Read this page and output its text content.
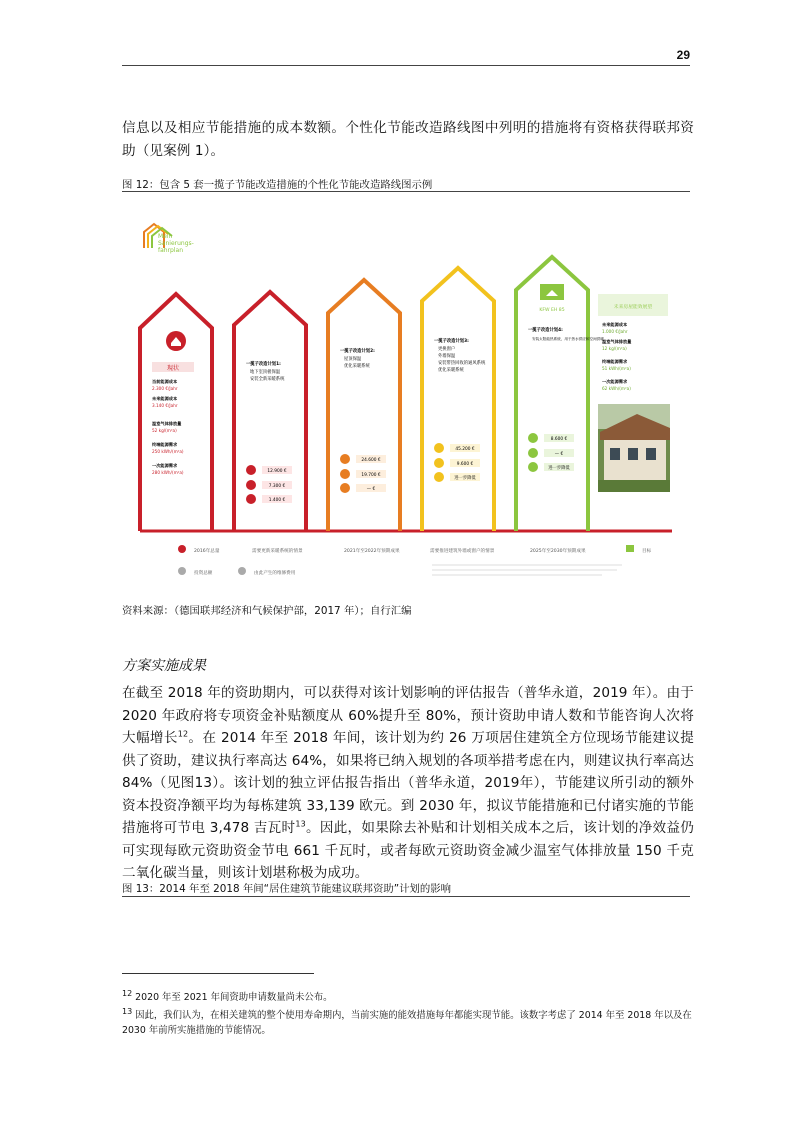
29
信息以及相应节能措施的成本数额。个性化节能改造路线图中列明的措施将有资格获得联邦资助（见案例 1）。
图 12：包含 5 套一揽子节能改造措施的个性化节能改造路线图示例
Mein
Sanierungs-
fahrplan
現状
当前能源成本
2.300 €/Jahr
未来能源成本
3.140 €/Jahr
温室气体排放量
52 kg/(m²a)
终端能源需求
250 kWh/(m²a)
一次能源需求
280 kWh/(m²a)
一揽子改造计划1:
地下室顶板保温
安装全新采暖系统
12.900 €
7.300 €
1.400 €
一揽子改造计划2:
屋顶保温
优化采暖系统
24.600 €
19.700 €
— €
一揽子改造计划3:
更换窗户
外墙保温
安装带热回收的通风系统
优化采暖系统
45.200 €
9.600 €
进一步降低
KFW EH 85
一揽子改造计划4:
安装太阳能热系统，用于热水供应和空间供暖
8.600 €
— €
进一步降低
未来房屋能效展望
未来能源成本
1.000 €/Jahr
温室气体排放量
12 kg/(m²a)
终端能源需求
51 kWh/(m²a)
一次能源需求
62 kWh/(m²a)
2016年总量	需要更新采暖系统的情景	2021年至2022年预期成果	需要推进建筑外墙或窗户的情景	2025年至2030年预期成果	目标
投资总额	由此产生的维修费用
资料来源：（德国联邦经济和气候保护部，2017 年）；自行汇编
方案实施成果
在截至 2018 年的资助期内，可以获得对该计划影响的评估报告（普华永道，2019 年）。由于 2020 年政府将专项资金补贴额度从 60%提升至 80%，预计资助申请人数和节能咨询人次将大幅增长$^{12}$。在 2014 年至 2018 年间，该计划为约 26 万项居住建筑全方位现场节能建议提供了资助，建议执行率高达 64%，如果将已纳入规划的各项举措考虑在内，则建议执行率高达 84%（见图13）。该计划的独立评估报告指出（普华永道，2019年），节能建议所引动的额外资本投资净额平均为每栋建筑 33,139 欧元。到 2030 年，拟议节能措施和已付诸实施的节能措施将可节电 3,478 吉瓦时$^{13}$。因此，如果除去补贴和计划相关成本之后，该计划的净效益仍可实现每欧元资助资金节电 661 千瓦时，或者每欧元资助资金减少温室气体排放量 150 千克二氧化碳当量，则该计划堪称极为成功。
图 13：2014 年至 2018 年间“居住建筑节能建议联邦资助”计划的影响
$^{12}$ 2020 年至 2021 年间资助申请数量尚未公布。
$^{13}$ 因此，我们认为，在相关建筑的整个使用寿命期内，当前实施的能效措施每年都能实现节能。该数字考虑了 2014 年至 2018 年以及在 2030 年前所实施措施的节能情况。
